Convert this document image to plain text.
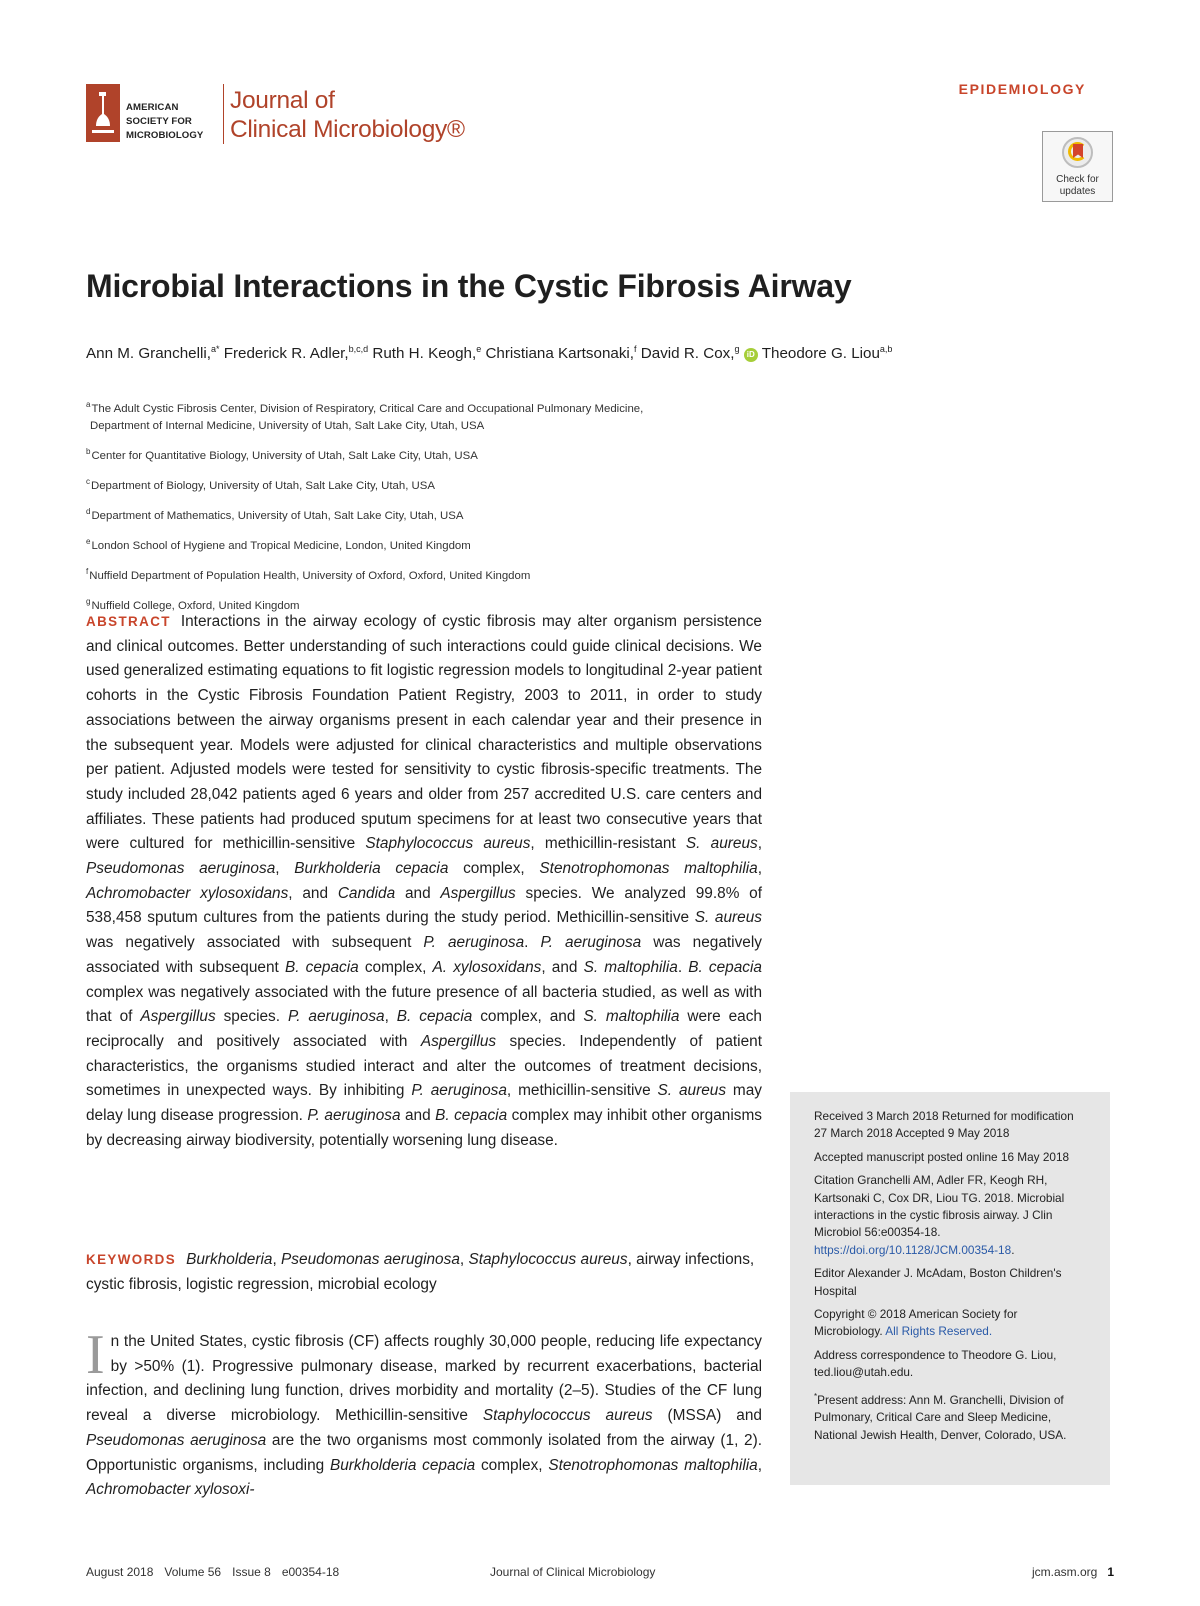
AMERICAN
SOCIETY FOR
MICROBIOLOGY
Journal of
Clinical Microbiology®
EPIDEMIOLOGY
Check for
updates
Microbial Interactions in the Cystic Fibrosis Airway
Ann M. Granchelli,$^{a*}$ Frederick R. Adler,$^{b,c,d}$ Ruth H. Keogh,$^e$ Christiana Kartsonaki,$^f$ David R. Cox,$^g$ iD Theodore G. Liou$^{a,b}$
$^a$The Adult Cystic Fibrosis Center, Division of Respiratory, Critical Care and Occupational Pulmonary Medicine,
Department of Internal Medicine, University of Utah, Salt Lake City, Utah, USA
$^b$Center for Quantitative Biology, University of Utah, Salt Lake City, Utah, USA
$^c$Department of Biology, University of Utah, Salt Lake City, Utah, USA
$^d$Department of Mathematics, University of Utah, Salt Lake City, Utah, USA
$^e$London School of Hygiene and Tropical Medicine, London, United Kingdom
$^f$Nuffield Department of Population Health, University of Oxford, Oxford, United Kingdom
$^g$Nuffield College, Oxford, United Kingdom
ABSTRACT Interactions in the airway ecology of cystic fibrosis may alter organism persistence and clinical outcomes. Better understanding of such interactions could guide clinical decisions. We used generalized estimating equations to fit logistic regression models to longitudinal 2-year patient cohorts in the Cystic Fibrosis Foundation Patient Registry, 2003 to 2011, in order to study associations between the airway organisms present in each calendar year and their presence in the subsequent year. Models were adjusted for clinical characteristics and multiple observations per patient. Adjusted models were tested for sensitivity to cystic fibrosis-specific treatments. The study included 28,042 patients aged 6 years and older from 257 accredited U.S. care centers and affiliates. These patients had produced sputum specimens for at least two consecutive years that were cultured for methicillin-sensitive Staphylococcus aureus, methicillin-resistant S. aureus, Pseudomonas aeruginosa, Burkholderia cepacia complex, Stenotrophomonas maltophilia, Achromobacter xylosoxidans, and Candida and Aspergillus species. We analyzed 99.8% of 538,458 sputum cultures from the patients during the study period. Methicillin-sensitive S. aureus was negatively associated with subsequent P. aeruginosa. P. aeruginosa was negatively associated with subsequent B. cepacia complex, A. xylosoxidans, and S. maltophilia. B. cepacia complex was negatively associated with the future presence of all bacteria studied, as well as with that of Aspergillus species. P. aeruginosa, B. cepacia complex, and S. maltophilia were each reciprocally and positively associated with Aspergillus species. Independently of patient characteristics, the organisms studied interact and alter the outcomes of treatment decisions, sometimes in unexpected ways. By inhibiting P. aeruginosa, methicillin-sensitive S. aureus may delay lung disease progression. P. aeruginosa and B. cepacia complex may inhibit other organisms by decreasing airway biodiversity, potentially worsening lung disease.
KEYWORDS Burkholderia, Pseudomonas aeruginosa, Staphylococcus aureus, airway infections, cystic fibrosis, logistic regression, microbial ecology
In the United States, cystic fibrosis (CF) affects roughly 30,000 people, reducing life expectancy by >50% (1). Progressive pulmonary disease, marked by recurrent exacerbations, bacterial infection, and declining lung function, drives morbidity and mortality (2–5). Studies of the CF lung reveal a diverse microbiology. Methicillin-sensitive Staphylococcus aureus (MSSA) and Pseudomonas aeruginosa are the two organisms most commonly isolated from the airway (1, 2). Opportunistic organisms, including Burkholderia cepacia complex, Stenotrophomonas maltophilia, Achromobacter xylosoxi-

Received 3 March 2018 Returned for modification 27 March 2018 Accepted 9 May 2018

Accepted manuscript posted online 16 May 2018

Citation Granchelli AM, Adler FR, Keogh RH, Kartsonaki C, Cox DR, Liou TG. 2018. Microbial interactions in the cystic fibrosis airway. J Clin Microbiol 56:e00354-18. https://doi.org/10.1128/JCM.00354-18.

Editor Alexander J. McAdam, Boston Children's Hospital

Copyright © 2018 American Society for Microbiology. All Rights Reserved.

Address correspondence to Theodore G. Liou, ted.liou@utah.edu.

*Present address: Ann M. Granchelli, Division of Pulmonary, Critical Care and Sleep Medicine, National Jewish Health, Denver, Colorado, USA.

August 2018 Volume 56 Issue 8 e00354-18	Journal of Clinical Microbiology	jcm.asm.org 1
